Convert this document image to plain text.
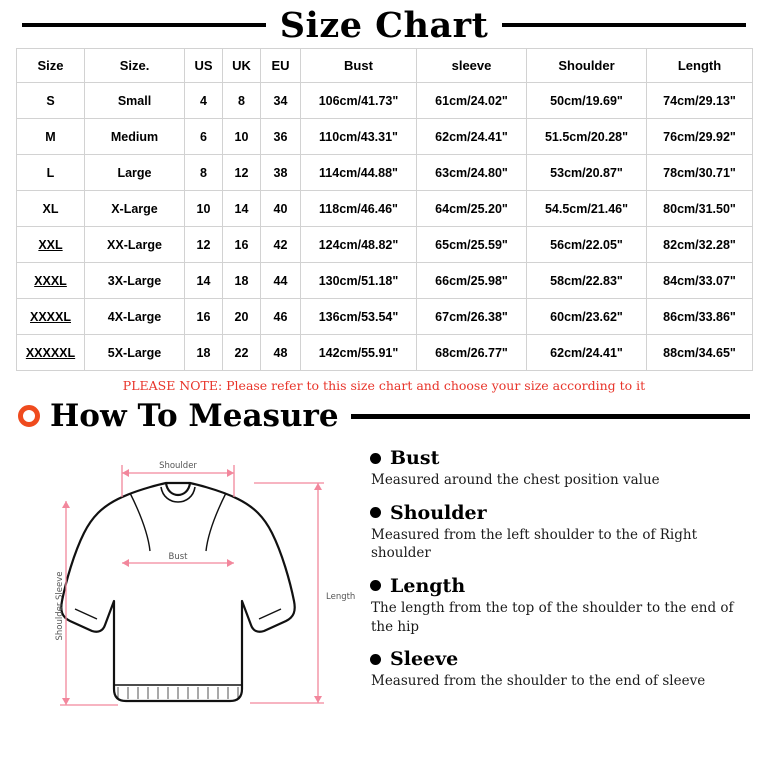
Size Chart
Size	Size.	US	UK	EU	Bust	sleeve	Shoulder	Length
S	Small	4	8	34	106cm/41.73"	61cm/24.02"	50cm/19.69"	74cm/29.13"
M	Medium	6	10	36	110cm/43.31"	62cm/24.41"	51.5cm/20.28"	76cm/29.92"
L	Large	8	12	38	114cm/44.88"	63cm/24.80"	53cm/20.87"	78cm/30.71"
XL	X-Large	10	14	40	118cm/46.46"	64cm/25.20"	54.5cm/21.46"	80cm/31.50"
XXL	XX-Large	12	16	42	124cm/48.82"	65cm/25.59"	56cm/22.05"	82cm/32.28"
XXXL	3X-Large	14	18	44	130cm/51.18"	66cm/25.98"	58cm/22.83"	84cm/33.07"
XXXXL	4X-Large	16	20	46	136cm/53.54"	67cm/26.38"	60cm/23.62"	86cm/33.86"
XXXXXL	5X-Large	18	22	48	142cm/55.91"	68cm/26.77"	62cm/24.41"	88cm/34.65"
PLEASE NOTE: Please refer to this size chart and choose your size according to it
How To Measure
Shoulder
Bust
Length
Shoulder Sleeve
Bust
Measured around the chest position value
Shoulder
Measured from the left shoulder to the of Right shoulder
Length
The length from the top of the shoulder to the end of the hip
Sleeve
Measured from the shoulder to the end of sleeve
